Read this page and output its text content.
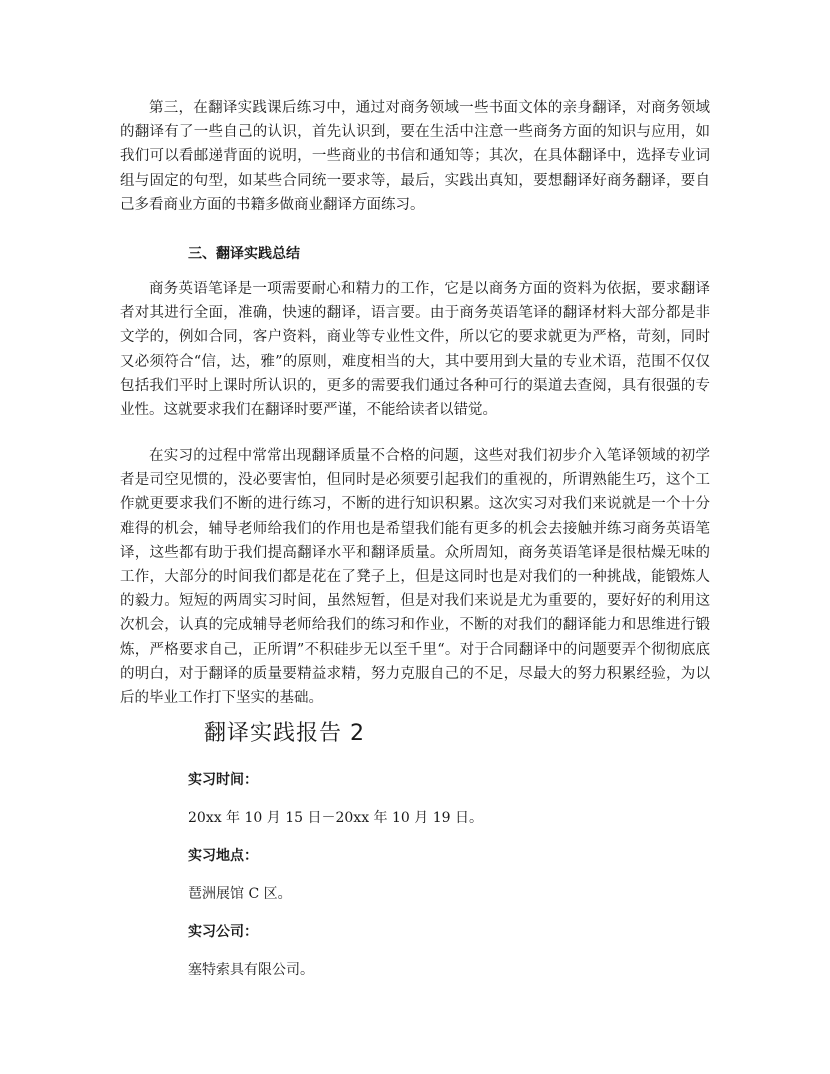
第三，在翻译实践课后练习中，通过对商务领域一些书面文体的亲身翻译，对商务领域的翻译有了一些自己的认识，首先认识到，要在生活中注意一些商务方面的知识与应用，如我们可以看邮递背面的说明，一些商业的书信和通知等；其次，在具体翻译中，选择专业词组与固定的句型，如某些合同统一要求等，最后，实践出真知，要想翻译好商务翻译，要自己多看商业方面的书籍多做商业翻译方面练习。

三、翻译实践总结

商务英语笔译是一项需要耐心和精力的工作，它是以商务方面的资料为依据，要求翻译者对其进行全面，准确，快速的翻译，语言要。由于商务英语笔译的翻译材料大部分都是非文学的，例如合同，客户资料，商业等专业性文件，所以它的要求就更为严格，苛刻，同时又必须符合“信，达，雅”的原则，难度相当的大，其中要用到大量的专业术语，范围不仅仅包括我们平时上课时所认识的，更多的需要我们通过各种可行的渠道去查阅，具有很强的专业性。这就要求我们在翻译时要严谨，不能给读者以错觉。

在实习的过程中常常出现翻译质量不合格的问题，这些对我们初步介入笔译领域的初学者是司空见惯的，没必要害怕，但同时是必须要引起我们的重视的，所谓熟能生巧，这个工作就更要求我们不断的进行练习，不断的进行知识积累。这次实习对我们来说就是一个十分难得的机会，辅导老师给我们的作用也是希望我们能有更多的机会去接触并练习商务英语笔译，这些都有助于我们提高翻译水平和翻译质量。众所周知，商务英语笔译是很枯燥无味的工作，大部分的时间我们都是花在了凳子上，但是这同时也是对我们的一种挑战，能锻炼人的毅力。短短的两周实习时间，虽然短暂，但是对我们来说是尤为重要的，要好好的利用这次机会，认真的完成辅导老师给我们的练习和作业，不断的对我们的翻译能力和思维进行锻炼，严格要求自己，正所谓”不积硅步无以至千里“。对于合同翻译中的问题要弄个彻彻底底的明白，对于翻译的质量要精益求精，努力克服自己的不足，尽最大的努力积累经验，为以后的毕业工作打下坚实的基础。

翻译实践报告 2
实习时间：
20xx 年 10 月 15 日－20xx 年 10 月 19 日。
实习地点：
琶洲展馆 C 区。
实习公司：
塞特索具有限公司。
